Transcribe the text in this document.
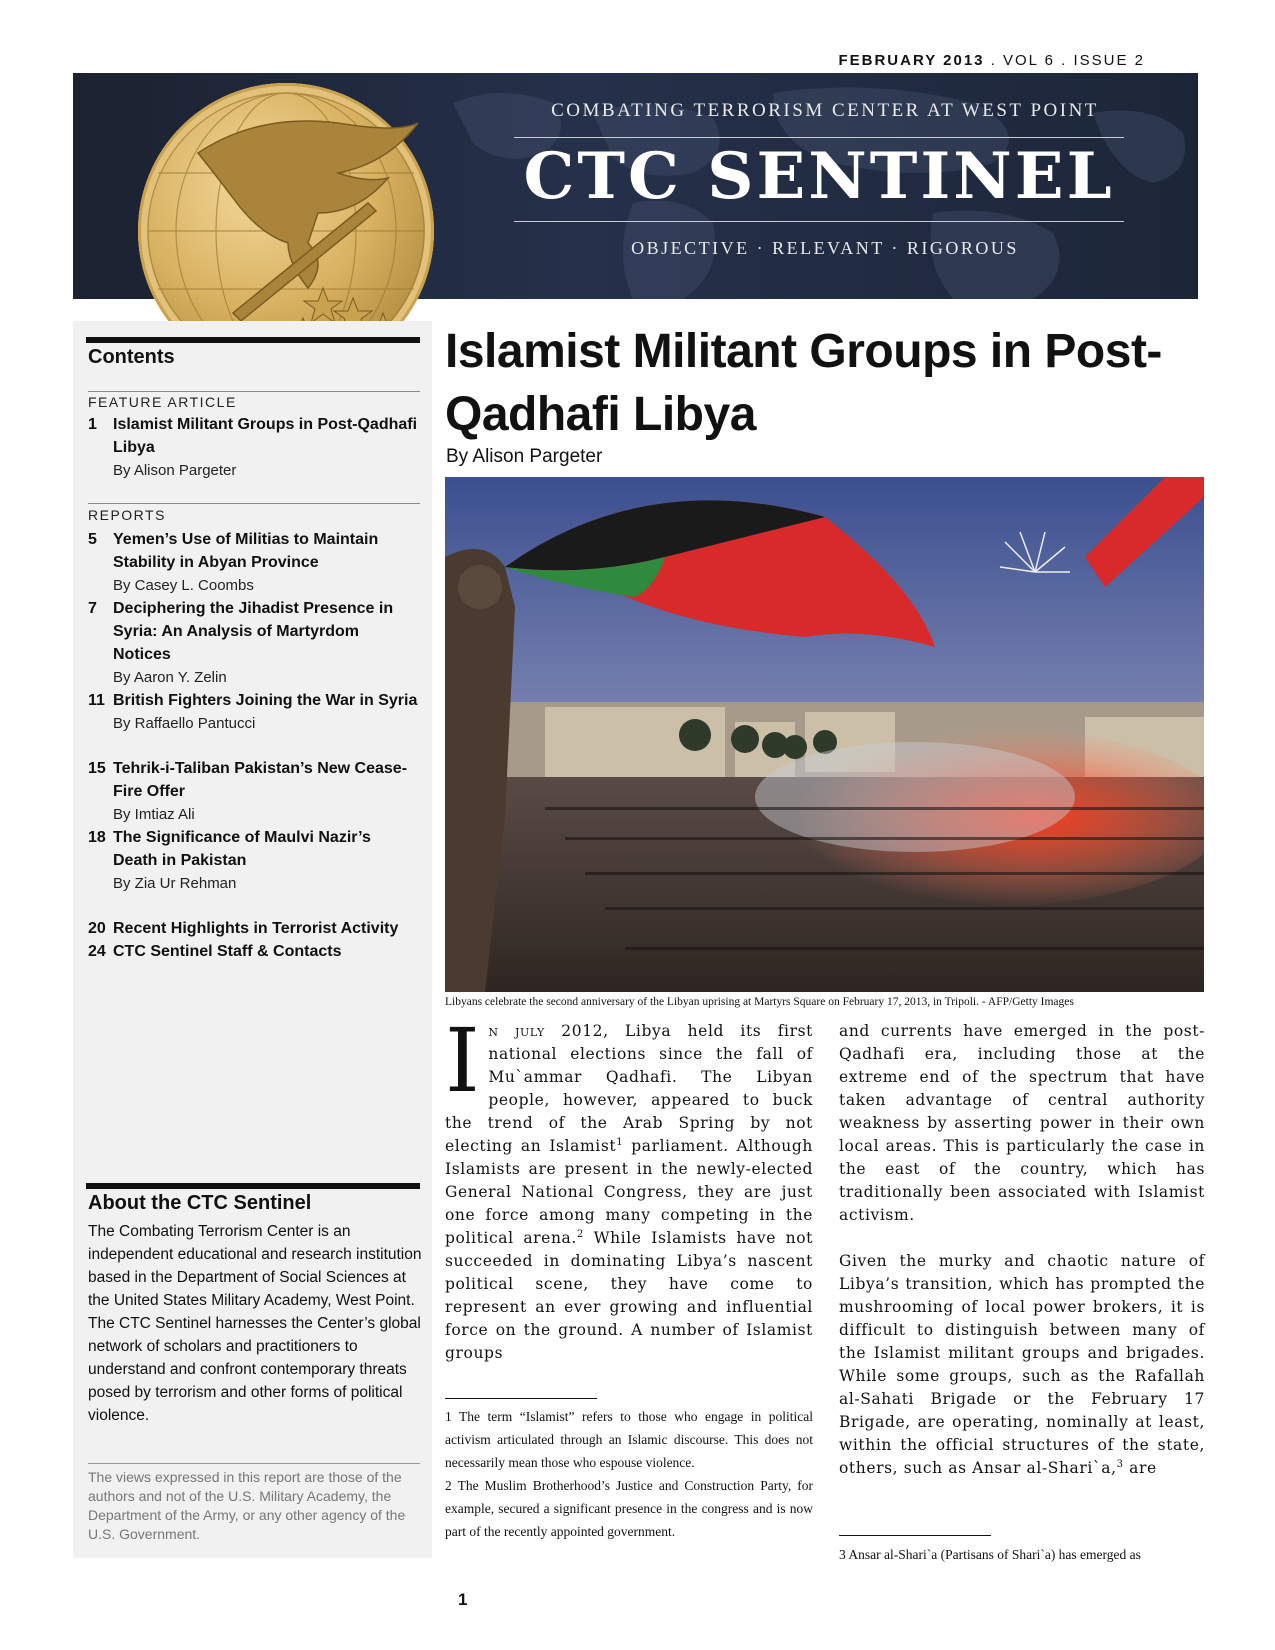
FEBRUARY 2013 . VOL 6 . ISSUE 2
COMBATING TERRORISM CENTER AT WEST POINT
CTC SENTINEL
OBJECTIVE · RELEVANT · RIGOROUS
Contents
FEATURE ARTICLE
1 Islamist Militant Groups in Post-Qadhafi Libya
By Alison Pargeter
REPORTS
5 Yemen’s Use of Militias to Maintain Stability in Abyan Province
By Casey L. Coombs
7 Deciphering the Jihadist Presence in Syria: An Analysis of Martyrdom Notices
By Aaron Y. Zelin
11 British Fighters Joining the War in Syria
By Raffaello Pantucci
15 Tehrik-i-Taliban Pakistan’s New Cease-Fire Offer
By Imtiaz Ali
18 The Significance of Maulvi Nazir’s Death in Pakistan
By Zia Ur Rehman
20 Recent Highlights in Terrorist Activity
24 CTC Sentinel Staff & Contacts
About the CTC Sentinel
The Combating Terrorism Center is an independent educational and research institution based in the Department of Social Sciences at the United States Military Academy, West Point. The CTC Sentinel harnesses the Center’s global network of scholars and practitioners to understand and confront contemporary threats posed by terrorism and other forms of political violence.
The views expressed in this report are those of the authors and not of the U.S. Military Academy, the Department of the Army, or any other agency of the U.S. Government.
Islamist Militant Groups in Post-Qadhafi Libya
By Alison Pargeter
Libyans celebrate the second anniversary of the Libyan uprising at Martyrs Square on February 17, 2013, in Tripoli. - AFP/Getty Images

In july 2012, Libya held its first national elections since the fall of Mu`ammar Qadhafi. The Libyan people, however, appeared to buck the trend of the Arab Spring by not electing an Islamist$^1$ parliament. Although Islamists are present in the newly-elected General National Congress, they are just one force among many competing in the political arena.$^2$ While Islamists have not succeeded in dominating Libya’s nascent political scene, they have come to represent an ever growing and influential force on the ground. A number of Islamist groups

1 The term “Islamist” refers to those who engage in political activism articulated through an Islamic discourse. This does not necessarily mean those who espouse violence.
2 The Muslim Brotherhood’s Justice and Construction Party, for example, secured a significant presence in the congress and is now part of the recently appointed government.

and currents have emerged in the post-Qadhafi era, including those at the extreme end of the spectrum that have taken advantage of central authority weakness by asserting power in their own local areas. This is particularly the case in the east of the country, which has traditionally been associated with Islamist activism.

Given the murky and chaotic nature of Libya’s transition, which has prompted the mushrooming of local power brokers, it is difficult to distinguish between many of the Islamist militant groups and brigades. While some groups, such as the Rafallah al-Sahati Brigade or the February 17 Brigade, are operating, nominally at least, within the official structures of the state, others, such as Ansar al-Shari`a,$^3$ are

3 Ansar al-Shari`a (Partisans of Shari`a) has emerged as
1
